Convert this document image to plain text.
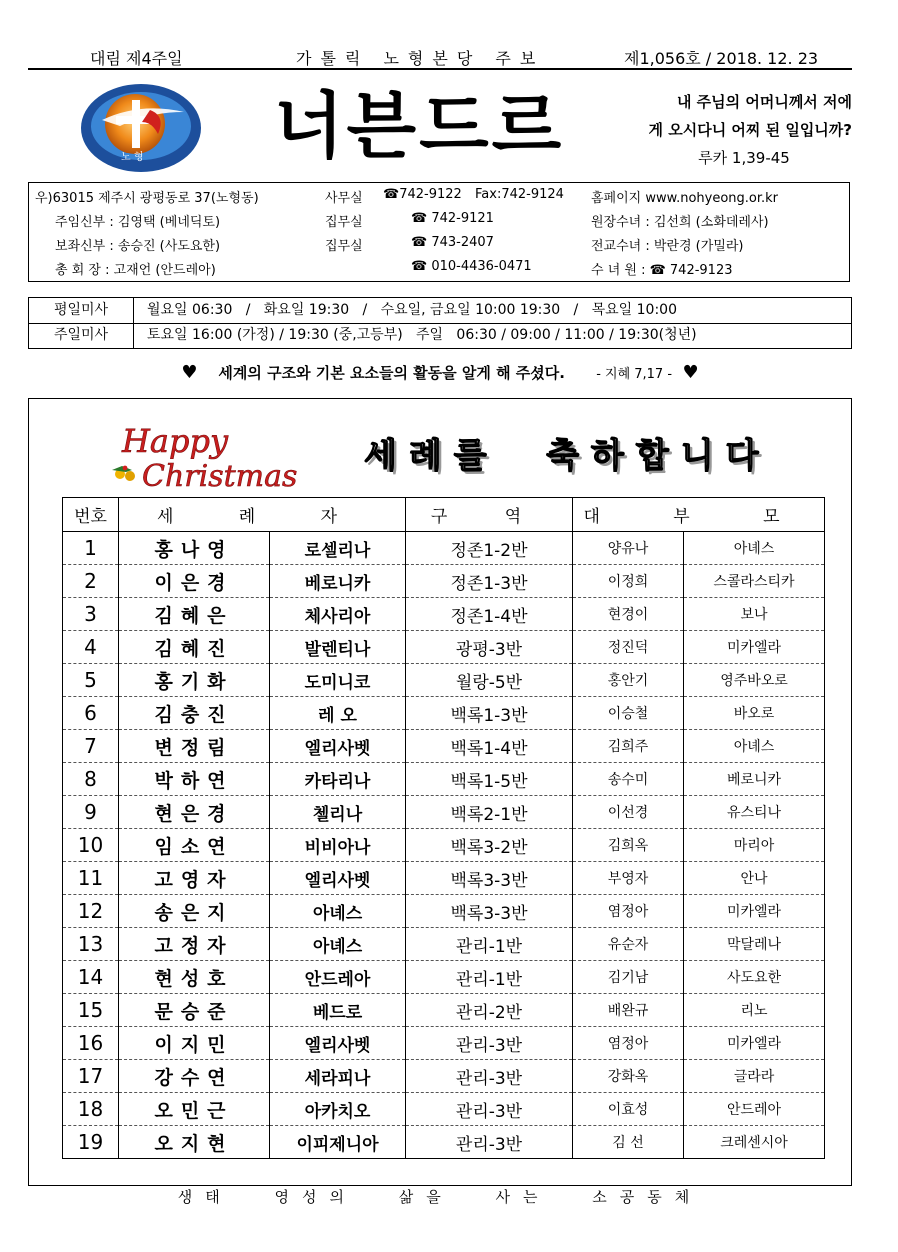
대림 제4주일	가톨릭 노형본당 주보	제1,056호 / 2018. 12. 23
노 형 너븐드르	내 주님의 어머니께서 저에
게 오시다니 어찌 된 일입니까?
루카 1,39-45
우)63015 제주시 광평동로 37(노형동)	사무실 ☎742-9122 Fax:742-9124 홈페이지 www.nohyeong.or.kr
주임신부 : 김영택 (베네딕토)	집무실	☎ 742-9121	원장수녀 : 김선희 (소화데레사)
보좌신부 : 송승진 (사도요한)	집무실	☎ 743-2407	전교수녀 : 박란경 (가밀라)
총 회 장 : 고재언 (안드레아)	☎ 010-4436-0471	수 녀 원 : ☎ 742-9123
평일미사	월요일 06:30   /   화요일 19:30   /   수요일, 금요일 10:00 19:30   /   목요일 10:00
주일미사	토요일 16:00 (가정) / 19:30 (중,고등부)   주일   06:30 / 09:00 / 11:00 / 19:30(청년)
♥ 세계의 구조와 기본 요소들의 활동을 알게 해 주셨다. - 지혜 7,17 - ♥
Happy
Christmas
세례를  축하합니다
번호	세 례 자		구 역	대 부 모	
1	홍나영	로셀리나	정존1-2반	양유나	아녜스
2	이은경	베로니카	정존1-3반	이정희	스콜라스티카
3	김혜은	체사리아	정존1-4반	현경이	보나
4	김혜진	발렌티나	광평-3반	정진덕	미카엘라
5	홍기화	도미니코	월랑-5반	홍안기	영주바오로
6	김충진	레 오	백록1-3반	이승철	바오로
7	변정림	엘리사벳	백록1-4반	김희주	아녜스
8	박하연	카타리나	백록1-5반	송수미	베로니카
9	현은경	첼리나	백록2-1반	이선경	유스티나
10	임소연	비비아나	백록3-2반	김희옥	마리아
11	고영자	엘리사벳	백록3-3반	부영자	안나
12	송은지	아녜스	백록3-3반	염정아	미카엘라
13	고정자	아녜스	관리-1반	유순자	막달레나
14	현성호	안드레아	관리-1반	김기남	사도요한
15	문승준	베드로	관리-2반	배완규	리노
16	이지민	엘리사벳	관리-3반	염정아	미카엘라
17	강수연	세라피나	관리-3반	강화옥	글라라
18	오민근	아카치오	관리-3반	이효성	안드레아
19	오지현	이피제니아	관리-3반	김 선	크레센시아
생태 영성의 삶을 사는 소공동체
